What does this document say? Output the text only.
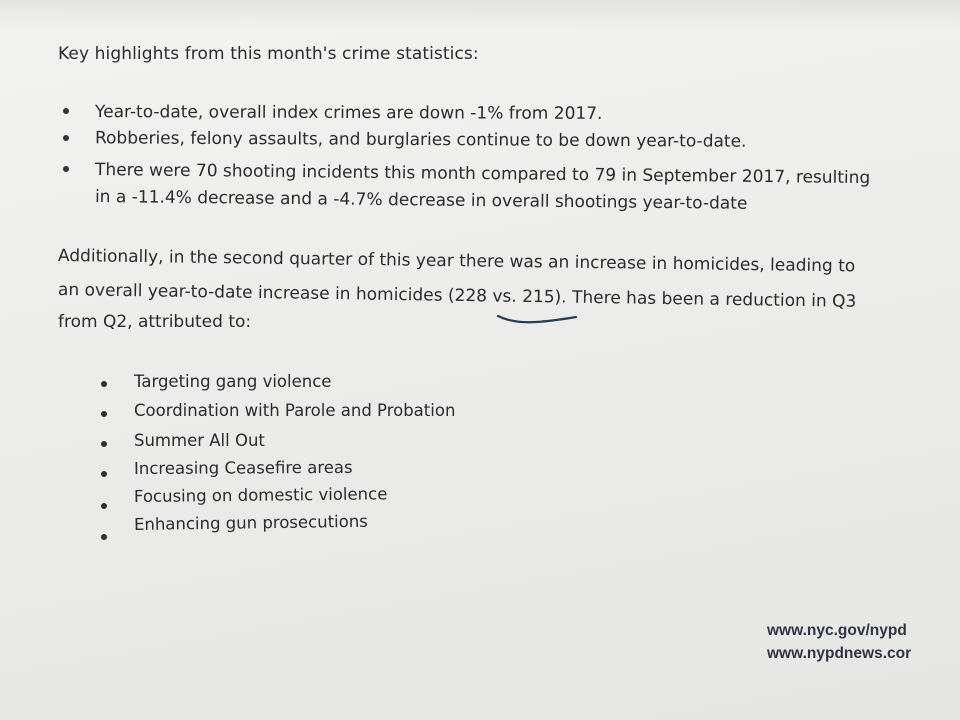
Key highlights from this month's crime statistics:
Year-to-date, overall index crimes are down -1% from 2017.
Robberies, felony assaults, and burglaries continue to be down year-to-date.
There were 70 shooting incidents this month compared to 79 in September 2017, resulting
in a -11.4% decrease and a -4.7% decrease in overall shootings year-to-date
Additionally, in the second quarter of this year there was an increase in homicides, leading to
an overall year-to-date increase in homicides (228 vs. 215). There has been a reduction in Q3
from Q2, attributed to:
Targeting gang violence
Coordination with Parole and Probation
Summer All Out
Increasing Ceasefire areas
Focusing on domestic violence
Enhancing gun prosecutions
www.nyc.gov/nypd
www.nypdnews.cor
